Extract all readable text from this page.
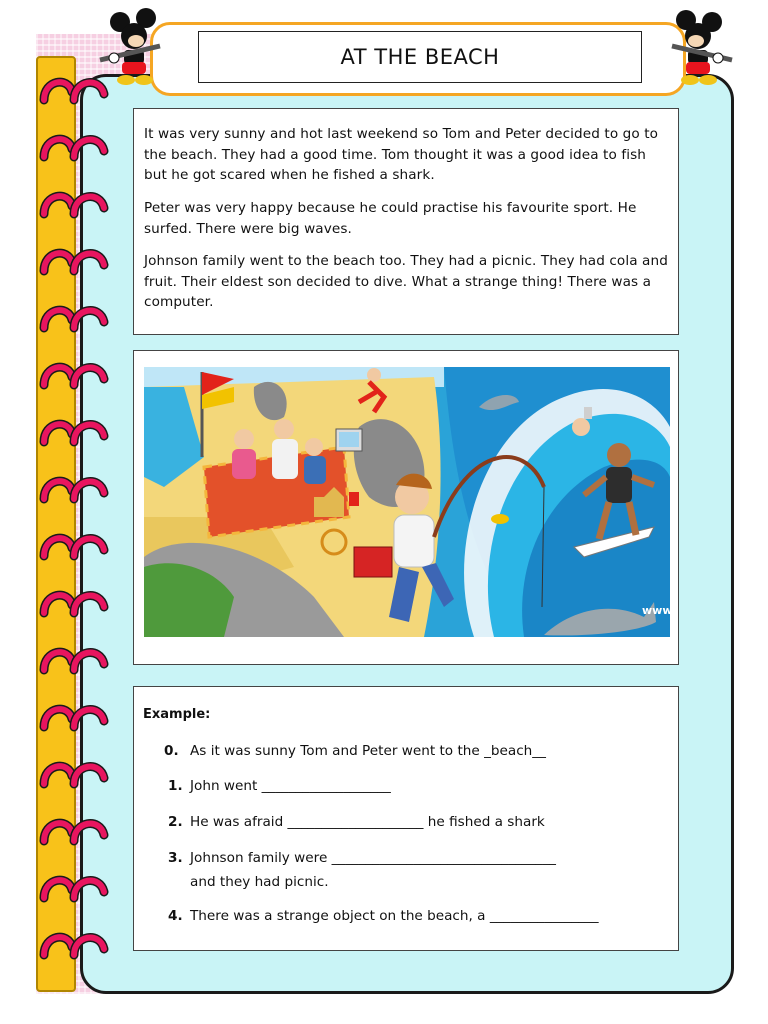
AT THE BEACH

It was very sunny and hot last weekend so Tom and Peter decided to go to the beach. They had a good time. Tom thought it was a good idea to fish but he got scared when he fished a shark.

Peter was very happy because he could practise his favourite sport. He surfed. There were big waves.

Johnson family went to the beach too. They had a picnic. They had cola and fruit. Their eldest son decided to dive. What a strange thing! There was a computer.

www
Example:
0. As it was sunny Tom and Peter went to the _beach__
1. John went ___________________
2. He was afraid ____________________ he fished a shark
3. Johnson family were _________________________________
and they had picnic.
4. There was a strange object on the beach, a ________________
